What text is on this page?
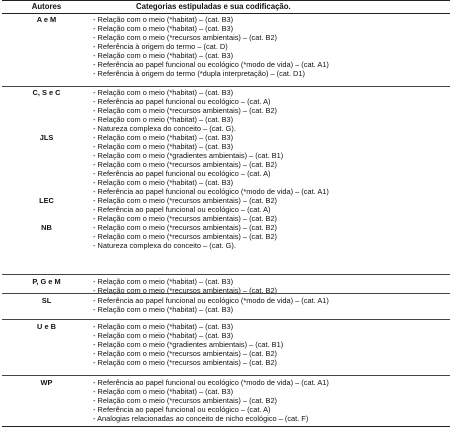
Autores	Categorias estipuladas e sua codificação.
A e M	- Relação com o meio (*habitat) – (cat. B3)
- Relação com o meio (*habitat) – (cat. B3)
- Relação com o meio (*recursos ambientais) – (cat. B2)
- Referência à origem do termo – (cat. D)
- Relação com o meio (*habitat) – (cat. B3)
- Referência ao papel funcional ou ecológico (*modo de vida) – (cat. A1)
- Referência à origem do termo (*dupla interpretação) – (cat. D1)
C, S e C	- Relação com o meio (*habitat) – (cat. B3)
- Referência ao papel funcional ou ecológico – (cat. A)
- Relação com o meio (*recursos ambientais) – (cat. B2)
- Relação com o meio (*habitat) – (cat. B3)
- Natureza complexa do conceito – (cat. G).
JLS	- Relação com o meio (*habitat) – (cat. B3)
- Relação com o meio (*habitat) – (cat. B3)
- Relação com o meio (*gradientes ambientais) – (cat. B1)
- Relação com o meio (*recursos ambientais) – (cat. B2)
- Referência ao papel funcional ou ecológico – (cat. A)
- Relação com o meio (*habitat) – (cat. B3)
- Referência ao papel funcional ou ecológico (*modo de vida) – (cat. A1)
LEC	- Relação com o meio (*recursos ambientais) – (cat. B2)
- Referência ao papel funcional ou ecológico – (cat. A)
- Relação com o meio (*recursos ambientais) – (cat. B2)
NB	- Relação com o meio (*recursos ambientais) – (cat. B2)
- Relação com o meio (*recursos ambientais) – (cat. B2)
- Natureza complexa do conceito – (cat. G).
P, G e M	- Relação com o meio (*habitat) – (cat. B3)
- Relação com o meio (*recursos ambientais) – (cat. B2)
SL	- Referência ao papel funcional ou ecológico (*modo de vida) – (cat. A1)
- Relação com o meio (*habitat) – (cat. B3)
U e B	- Relação com o meio (*habitat) – (cat. B3)
- Relação com o meio (*habitat) – (cat. B3)
- Relação com o meio (*gradientes ambientais) – (cat. B1)
- Relação com o meio (*recursos ambientais) – (cat. B2)
- Relação com o meio (*recursos ambientais) – (cat. B2)
WP	- Referência ao papel funcional ou ecológico (*modo de vida) – (cat. A1)
- Relação com o meio (*habitat) – (cat. B3)
- Relação com o meio (*recursos ambientais) – (cat. B2)
- Referência ao papel funcional ou ecológico – (cat. A)
- Analogias relacionadas ao conceito de nicho ecológico – (cat. F)
